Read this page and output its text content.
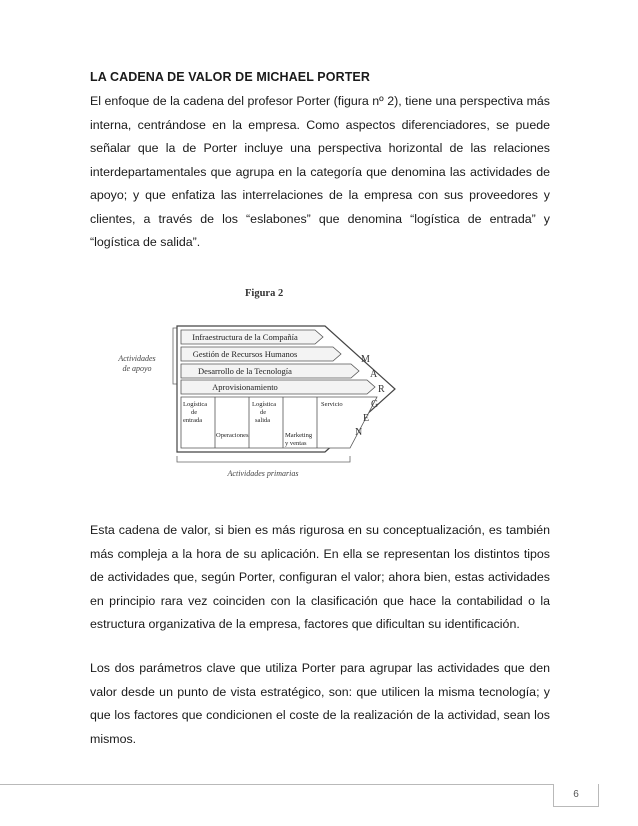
LA CADENA DE VALOR DE MICHAEL PORTER

El enfoque de la cadena del profesor Porter (figura nº 2), tiene una perspectiva más interna, centrándose en la empresa. Como aspectos diferenciadores, se puede señalar que la de Porter incluye una perspectiva horizontal de las relaciones interdepartamentales que agrupa en la categoría que denomina las actividades de apoyo; y que enfatiza las interrelaciones de la empresa con sus proveedores y clientes, a través de los “eslabones” que denomina “logística de entrada” y “logística de salida”.

Figura 2
Actividades
de apoyo
Infraestructura de la Compañía
Gestión de Recursos Humanos
Desarrollo de la Tecnología
Aprovisionamiento
Logística
de
entrada
Operaciones
Logística
de
salida
Marketing
y ventas
Servicio
M
A
R
G
E
N
Actividades primarias

Esta cadena de valor, si bien es más rigurosa en su conceptualización, es también más compleja a la hora de su aplicación. En ella se representan los distintos tipos de actividades que, según Porter, configuran el valor; ahora bien, estas actividades en principio rara vez coinciden con la clasificación que hace la contabilidad o la estructura organizativa de la empresa, factores que dificultan su identificación.

Los dos parámetros clave que utiliza Porter para agrupar las actividades que den valor desde un punto de vista estratégico, son: que utilicen la misma tecnología; y que los factores que condicionen el coste de la realización de la actividad, sean los mismos.

6
